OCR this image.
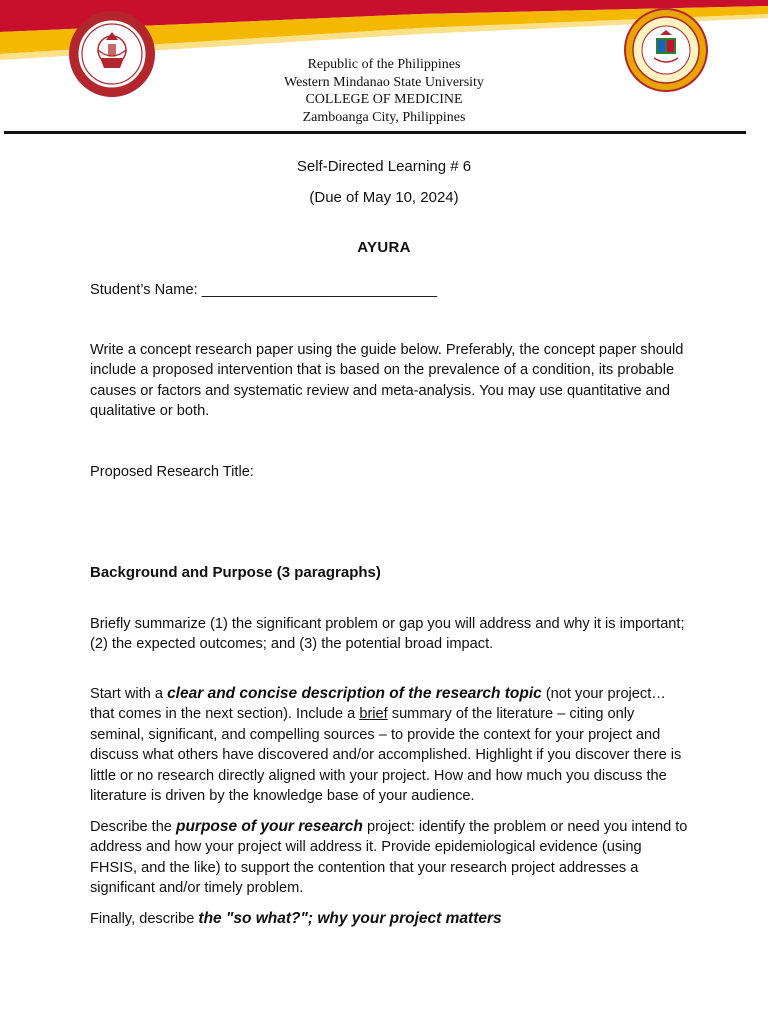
Republic of the Philippines
Western Mindanao State University
COLLEGE OF MEDICINE
Zamboanga City, Philippines
Self-Directed Learning # 6
(Due of May 10, 2024)
AYURA
Student’s Name: _____________________________
Write a concept research paper using the guide below. Preferably, the concept paper should include a proposed intervention that is based on the prevalence of a condition, its probable causes or factors and systematic review and meta-analysis. You may use quantitative and qualitative or both.
Proposed Research Title:
Background and Purpose (3 paragraphs)
Briefly summarize (1) the significant problem or gap you will address and why it is important; (2) the expected outcomes; and (3) the potential broad impact.
Start with a clear and concise description of the research topic (not your project… that comes in the next section). Include a brief summary of the literature – citing only seminal, significant, and compelling sources – to provide the context for your project and discuss what others have discovered and/or accomplished. Highlight if you discover there is little or no research directly aligned with your project. How and how much you discuss the literature is driven by the knowledge base of your audience.
Describe the purpose of your research project: identify the problem or need you intend to address and how your project will address it. Provide epidemiological evidence (using FHSIS, and the like) to support the contention that your research project addresses a significant and/or timely problem.
Finally, describe the "so what?"; why your project matters
